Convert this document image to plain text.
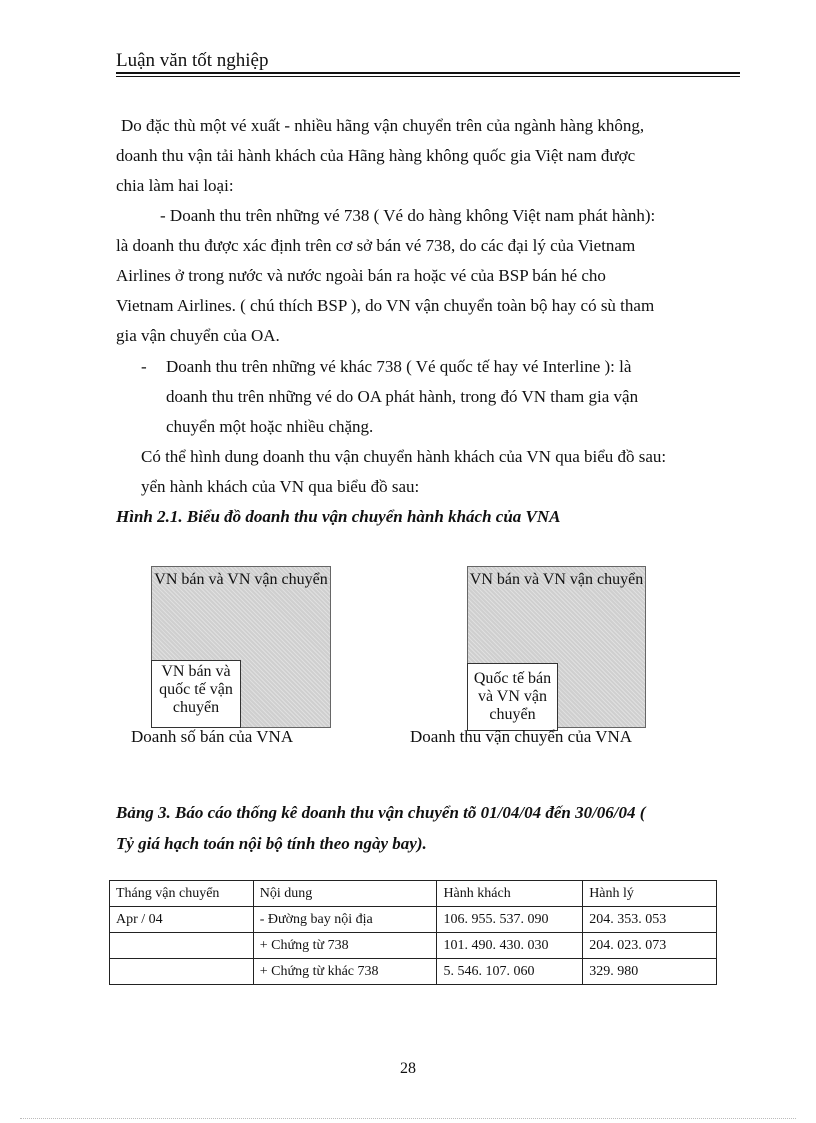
Luận văn tốt nghiệp
Do đặc thù một vé xuất - nhiều hãng vận chuyển trên của ngành hàng không,
doanh thu vận tải hành khách của Hãng hàng không quốc gia Việt nam được
chia làm hai loại:
- Doanh thu trên những vé 738 ( Vé do hàng không Việt nam phát hành):
là doanh thu được xác định trên cơ sở bán vé 738, do các đại lý của Vietnam
Airlines ở trong nước và nước ngoài bán ra hoặc vé của BSP bán hé cho
Vietnam Airlines. ( chú thích BSP ), do VN vận chuyển toàn bộ hay có sù tham
gia vận chuyển của OA.
- Doanh thu trên những vé khác 738 ( Vé quốc tế hay vé Interline ): là
doanh thu trên những vé do OA phát hành, trong đó VN tham gia vận
chuyển một hoặc nhiều chặng.
Có thể hình dung doanh thu vận chuyển hành khách của VN qua biểu đồ sau:
yển hành khách của VN qua biểu đồ sau:
Hình 2.1. Biểu đồ doanh thu vận chuyển hành khách của VNA
VN bán và VN vận chuyển
VN bán và quốc tế vận chuyển
Doanh số bán của VNA
VN bán và VN vận chuyển
Quốc tế bán và VN vận chuyển
Doanh thu vận chuyển của VNA
Bảng 3. Báo cáo thống kê doanh thu vận chuyển tõ 01/04/04 đến 30/06/04 (
Tỷ giá hạch toán nội bộ tính theo ngày bay).
Tháng vận chuyển	Nội dung	Hành khách	Hành lý
Apr / 04	- Đường bay nội địa	106. 955. 537. 090	204. 353. 053
	+ Chứng từ 738	101. 490. 430. 030	204. 023. 073
	+ Chứng từ khác 738	5. 546. 107. 060	329. 980
28
